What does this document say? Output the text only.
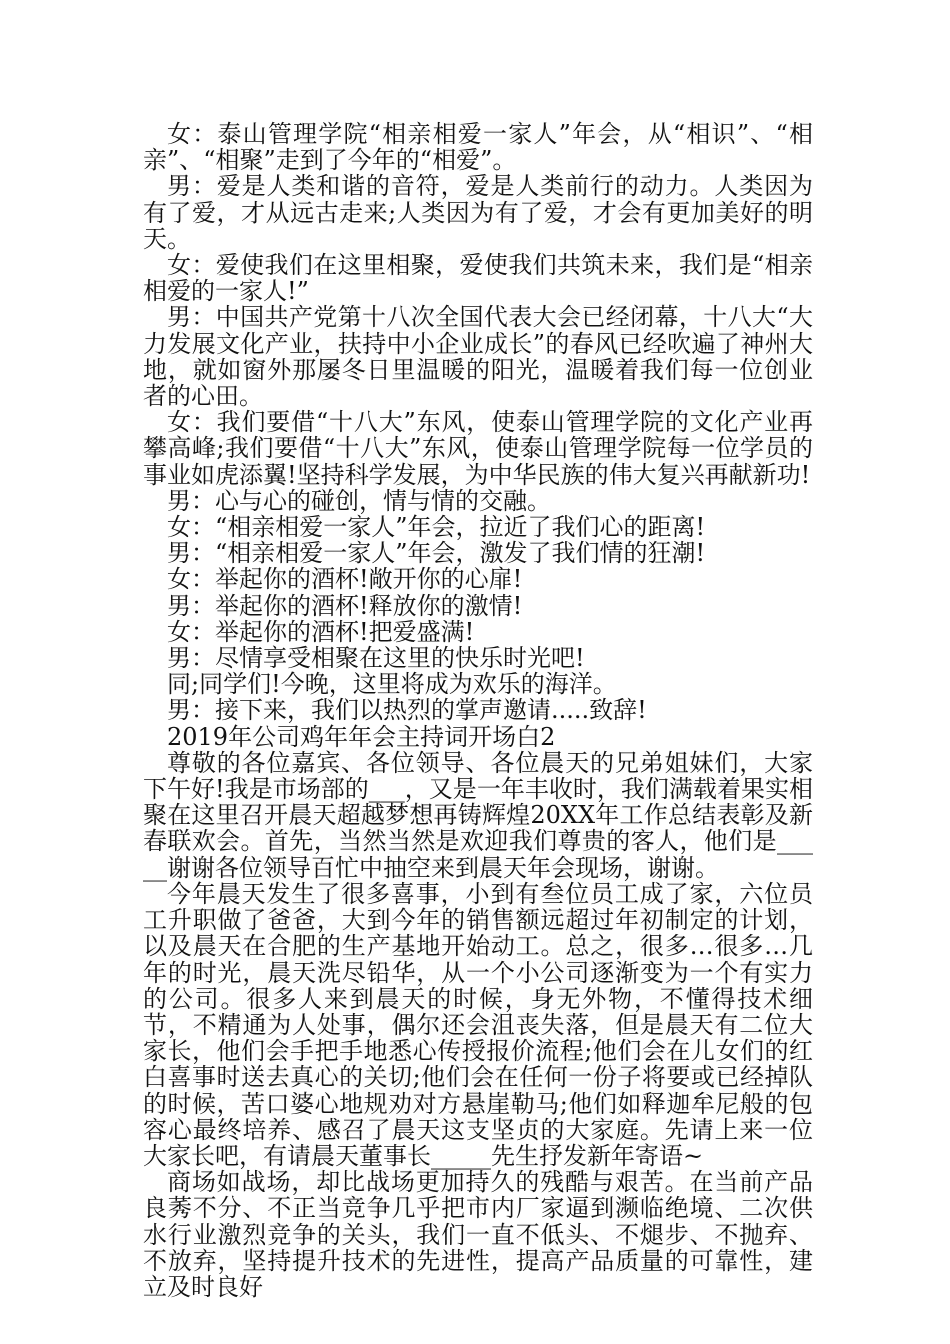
女：泰山管理学院“相亲相爱一家人”年会，从“相识”、“相亲”、“相聚”走到了今年的“相爱”。

男：爱是人类和谐的音符，爱是人类前行的动力。人类因为有了爱，才从远古走来;人类因为有了爱，才会有更加美好的明天。

女：爱使我们在这里相聚，爱使我们共筑未来，我们是“相亲相爱的一家人!”

男：中国共产党第十八次全国代表大会已经闭幕，十八大“大力发展文化产业，扶持中小企业成长”的春风已经吹遍了神州大地，就如窗外那屡冬日里温暖的阳光，温暖着我们每一位创业者的心田。

女：我们要借“十八大”东风，使泰山管理学院的文化产业再攀高峰;我们要借“十八大”东风，使泰山管理学院每一位学员的事业如虎添翼!坚持科学发展，为中华民族的伟大复兴再献新功!

男：心与心的碰创，情与情的交融。

女：“相亲相爱一家人”年会，拉近了我们心的距离!

男：“相亲相爱一家人”年会，激发了我们情的狂潮!

女：举起你的酒杯!敞开你的心扉!

男：举起你的酒杯!释放你的激情!

女：举起你的酒杯!把爱盛满!

男：尽情享受相聚在这里的快乐时光吧!

同;同学们!今晚，这里将成为欢乐的海洋。

男：接下来，我们以热烈的掌声邀请.....致辞!

2019年公司鸡年年会主持词开场白2

尊敬的各位嘉宾、各位领导、各位晨天的兄弟姐妹们，大家下午好!我是市场部的___，又是一年丰收时，我们满载着果实相聚在这里召开晨天超越梦想再铸辉煌20XX年工作总结表彰及新春联欢会。首先，当然当然是欢迎我们尊贵的客人，他们是_____谢谢各位领导百忙中抽空来到晨天年会现场，谢谢。

今年晨天发生了很多喜事，小到有叁位员工成了家，六位员工升职做了爸爸，大到今年的销售额远超过年初制定的计划，以及晨天在合肥的生产基地开始动工。总之，很多…很多…几年的时光，晨天洗尽铅华，从一个小公司逐渐变为一个有实力的公司。很多人来到晨天的时候，身无外物，不懂得技术细节，不精通为人处事，偶尔还会沮丧失落，但是晨天有二位大家长，他们会手把手地悉心传授报价流程;他们会在儿女们的红白喜事时送去真心的关切;他们会在任何一份子将要或已经掉队的时候，苦口婆心地规劝对方悬崖勒马;他们如释迦牟尼般的包容心最终培养、感召了晨天这支坚贞的大家庭。先请上来一位大家长吧，有请晨天董事长_____先生抒发新年寄语~

商场如战场，却比战场更加持久的残酷与艰苦。在当前产品良莠不分、不正当竞争几乎把市内厂家逼到濒临绝境、二次供水行业激烈竞争的关头，我们一直不低头、不煺步、不抛弃、不放弃，坚持提升技术的先进性，提高产品质量的可靠性，建立及时良好
